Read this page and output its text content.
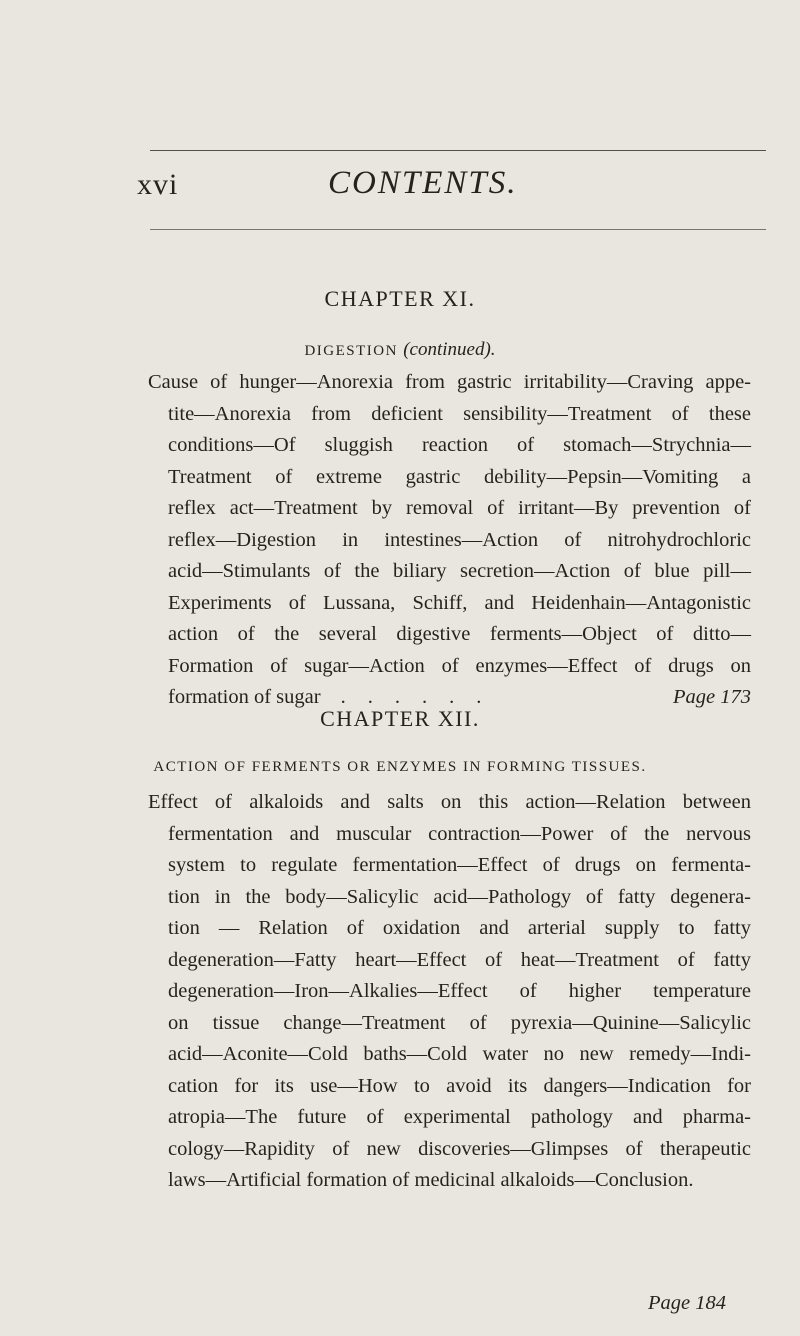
xvi	CONTENTS.
CHAPTER XI.
DIGESTION (continued).
Cause of hunger—Anorexia from gastric irritability—Craving appe-
tite—Anorexia from deficient sensibility—Treatment of these
conditions—Of sluggish reaction of stomach—Strychnia—
Treatment of extreme gastric debility—Pepsin—Vomiting a
reflex act—Treatment by removal of irritant—By prevention of
reflex—Digestion in intestines—Action of nitrohydrochloric
acid—Stimulants of the biliary secretion—Action of blue pill—
Experiments of Lussana, Schiff, and Heidenhain—Antagonistic
action of the several digestive ferments—Object of ditto—
Formation of sugar—Action of enzymes—Effect of drugs on
formation of sugar ......	Page 173
CHAPTER XII.
ACTION OF FERMENTS OR ENZYMES IN FORMING TISSUES.
Effect of alkaloids and salts on this action—Relation between
fermentation and muscular contraction—Power of the nervous
system to regulate fermentation—Effect of drugs on fermenta-
tion in the body—Salicylic acid—Pathology of fatty degenera-
tion — Relation of oxidation and arterial supply to fatty
degeneration—Fatty heart—Effect of heat—Treatment of fatty
degeneration—Iron—Alkalies—Effect of higher temperature
on tissue change—Treatment of pyrexia—Quinine—Salicylic
acid—Aconite—Cold baths—Cold water no new remedy—Indi-
cation for its use—How to avoid its dangers—Indication for
atropia—The future of experimental pathology and pharma-
cology—Rapidity of new discoveries—Glimpses of therapeutic
laws—Artificial formation of medicinal alkaloids—Conclusion.
Page 184
